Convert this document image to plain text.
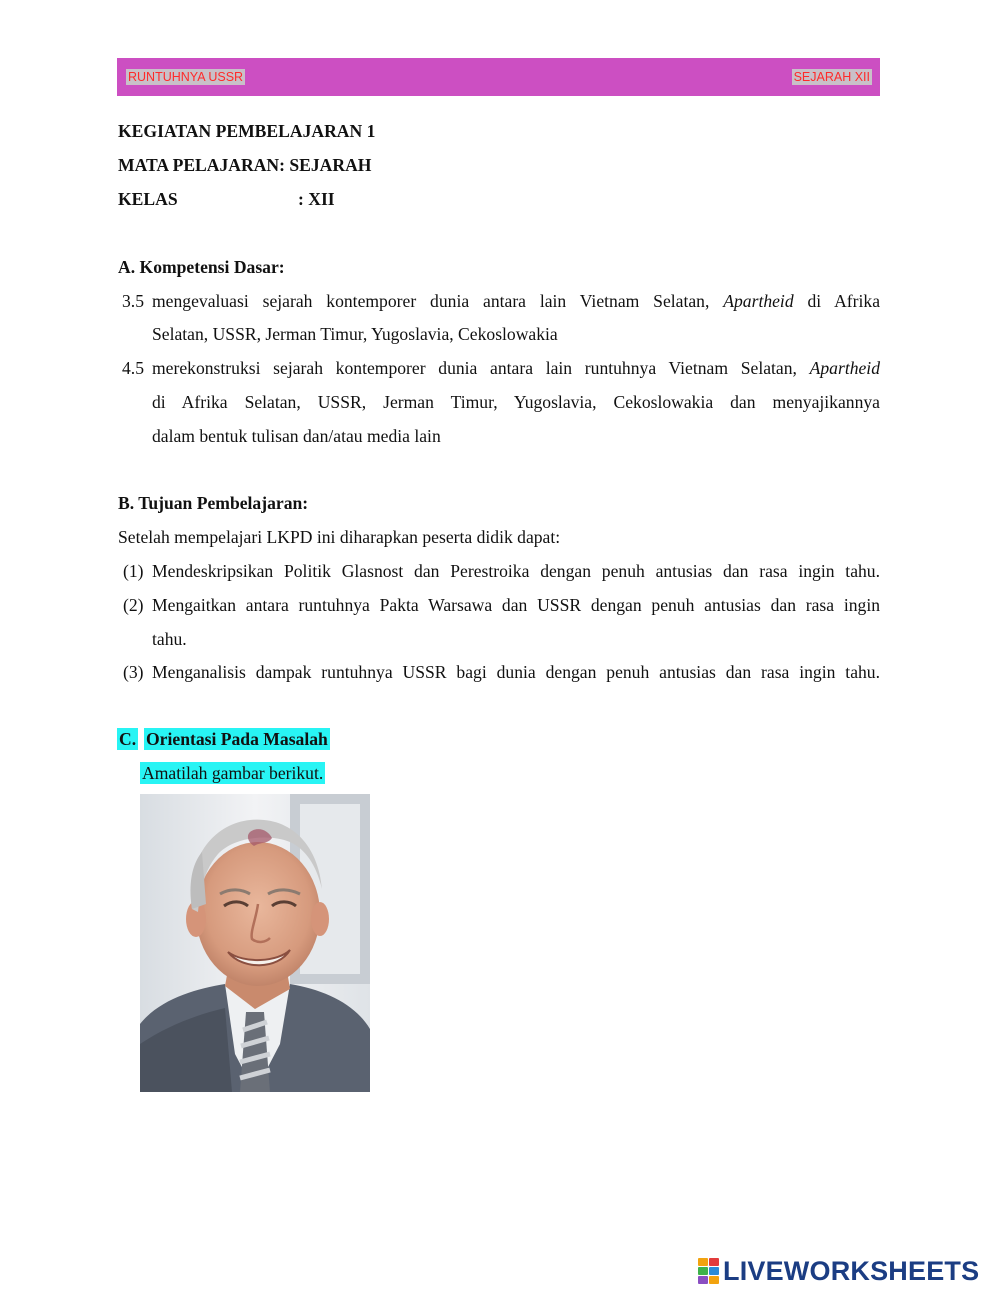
RUNTUHNYA USSR	SEJARAH XII
KEGIATAN PEMBELAJARAN 1
MATA PELAJARAN: SEJARAH
KELAS	: XII
A. Kompetensi Dasar:
3.5 mengevaluasi sejarah kontemporer dunia antara lain Vietnam Selatan, Apartheid di Afrika
Selatan, USSR, Jerman Timur, Yugoslavia, Cekoslowakia
4.5 merekonstruksi sejarah kontemporer dunia antara lain runtuhnya Vietnam Selatan, Apartheid
di Afrika Selatan, USSR, Jerman Timur, Yugoslavia, Cekoslowakia dan menyajikannya
dalam bentuk tulisan dan/atau media lain
B. Tujuan Pembelajaran:
Setelah mempelajari LKPD ini diharapkan peserta didik dapat:
(1) Mendeskripsikan Politik Glasnost dan Perestroika dengan penuh antusias dan rasa ingin tahu.
(2) Mengaitkan antara runtuhnya Pakta Warsawa dan USSR dengan penuh antusias dan rasa ingin
tahu.
(3) Menganalisis dampak runtuhnya USSR bagi dunia dengan penuh antusias dan rasa ingin tahu.
C. Orientasi Pada Masalah
Amatilah gambar berikut.
LIVEWORKSHEETS
